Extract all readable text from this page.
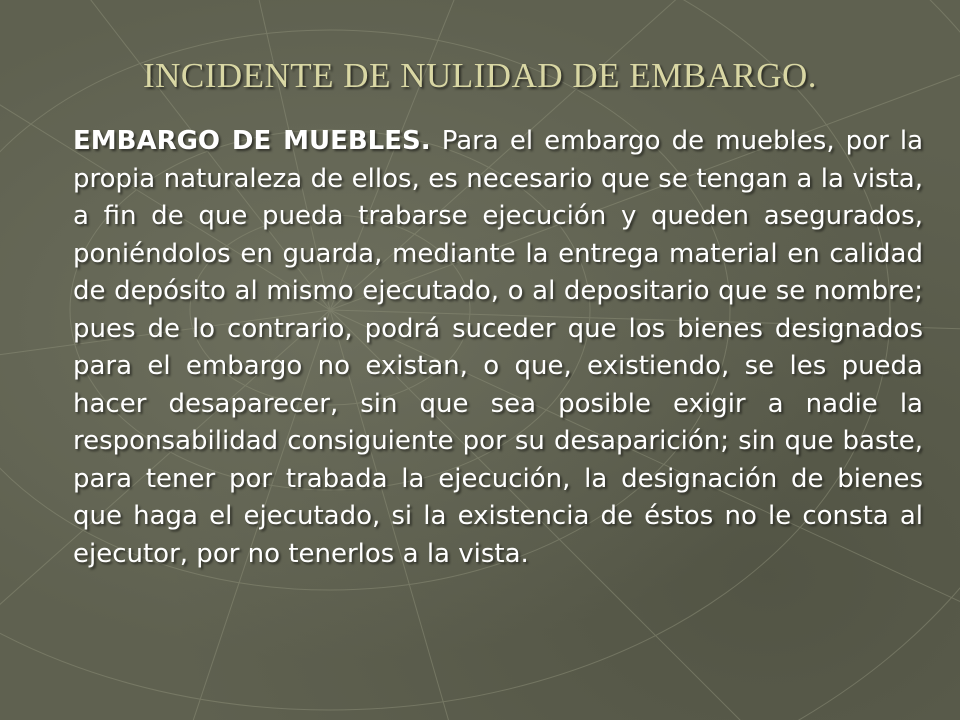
INCIDENTE DE NULIDAD DE EMBARGO.

EMBARGO DE MUEBLES. Para el embargo de muebles, por la propia naturaleza de ellos, es necesario que se tengan a la vista, a fin de que pueda trabarse ejecución y queden asegurados, poniéndolos en guarda, mediante la entrega material en calidad de depósito al mismo ejecutado, o al depositario que se nombre; pues de lo contrario, podrá suceder que los bienes designados para el embargo no existan, o que, existiendo, se les pueda hacer desaparecer, sin que sea posible exigir a nadie la responsabilidad consiguiente por su desaparición; sin que baste, para tener por trabada la ejecución, la designación de bienes que haga el ejecutado, si la existencia de éstos no le consta al ejecutor, por no tenerlos a la vista.
